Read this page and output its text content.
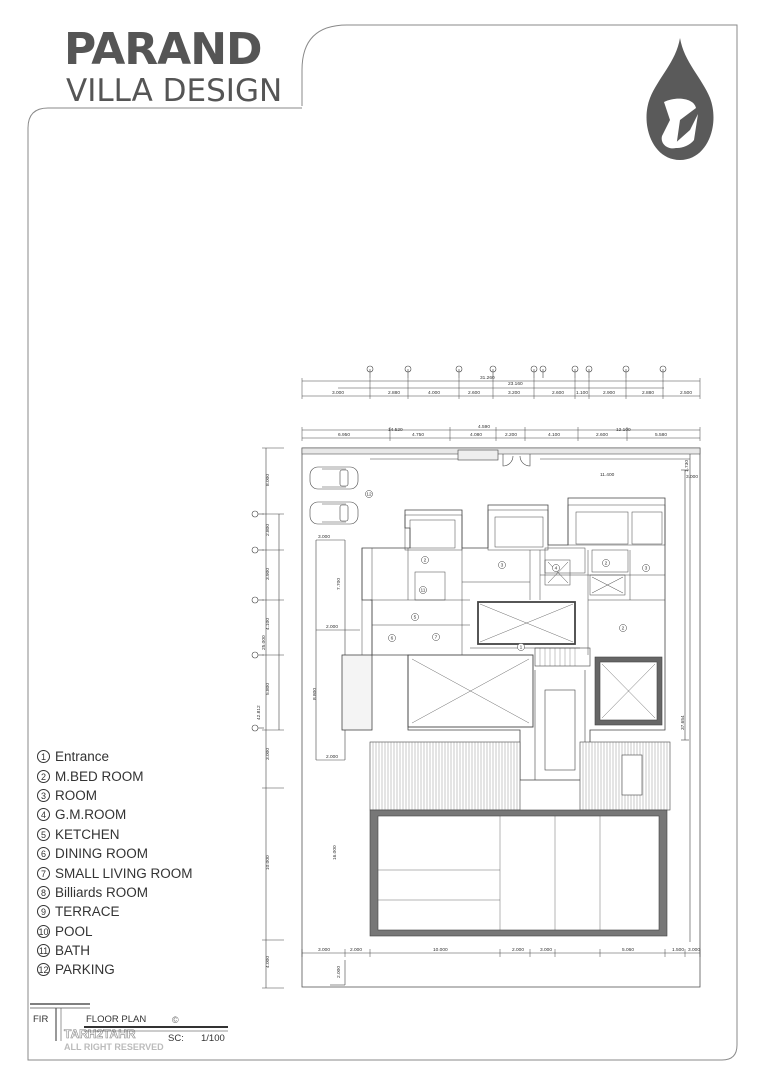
31.260
23.160
4.590
14.520	12.100
11.400
3.000	2.880	4.000	2.600	3.200	2.600 1.100	2.900	2.880	2.500
6.950	4.750	4.080	2.200	4.100	2.600	5.580
8.000
2.800
3.900
4.100
5.800
3.000
10.000
4.000
42.812
25.000
37.654
1.730
3.000
3.000	2.000	10.000	2.000	3.000	5.060	1.500 3.000
3.000
7.700
2.000
8.800
2.000
16.000
2.000
1
2
2
3	2
3
6	7
5
11
12
4
PARAND
VILLA DESIGN
1 Entrance
2 M.BED ROOM
3 ROOM
4 G.M.ROOM
5 KETCHEN
6 DINING ROOM
7 SMALL LIVING ROOM
8 Billiards ROOM
9 TERRACE
10 POOL
11 BATH
12 PARKING
FIR	FLOOR PLAN	©
TARH2TAHR
ALL RIGHT RESERVED
SC: 1/100
